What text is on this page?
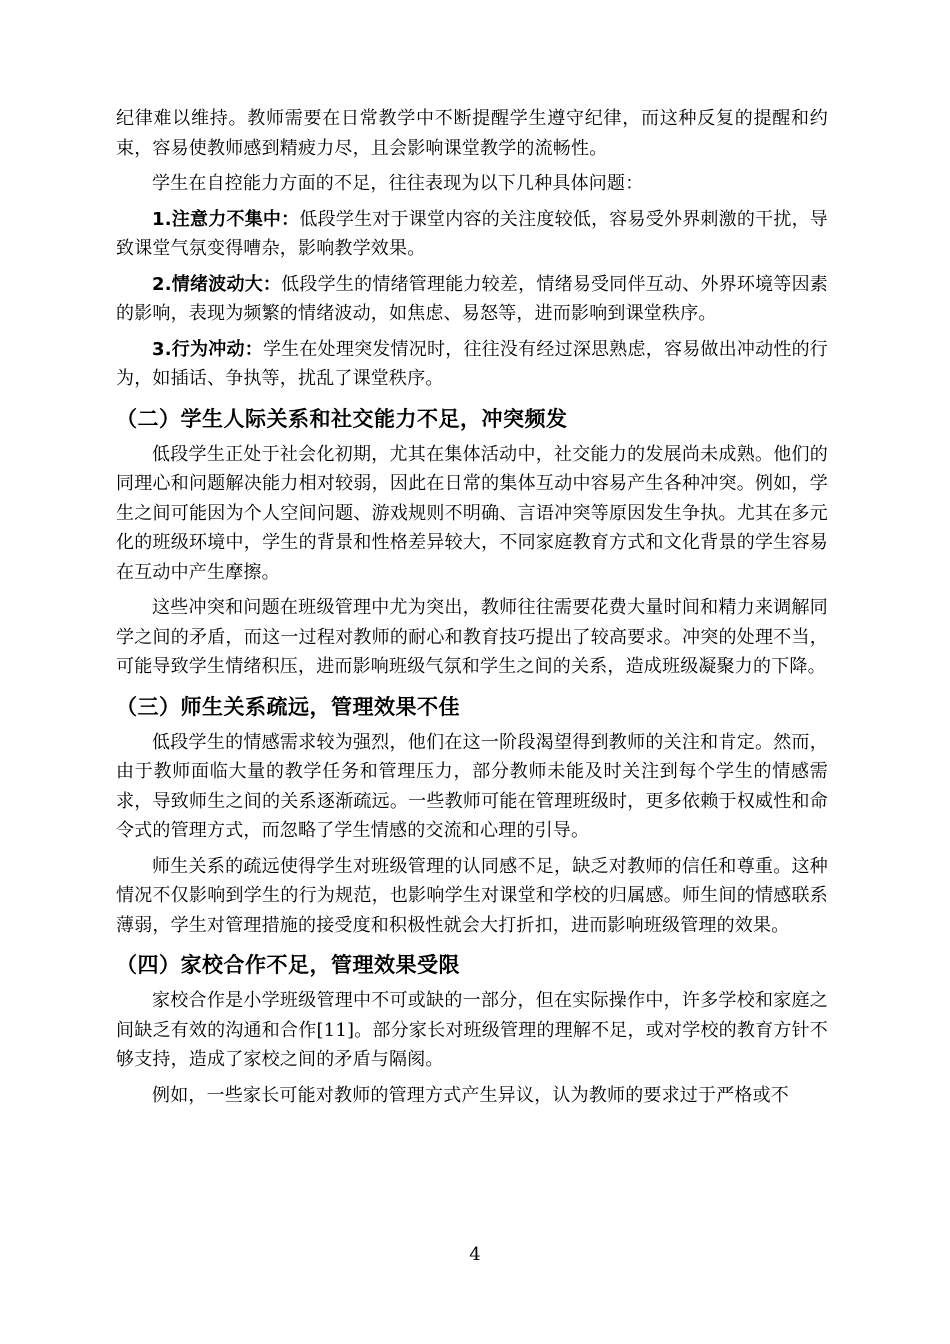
纪律难以维持。教师需要在日常教学中不断提醒学生遵守纪律，而这种反复的提醒和约束，容易使教师感到精疲力尽，且会影响课堂教学的流畅性。

学生在自控能力方面的不足，往往表现为以下几种具体问题：

1.注意力不集中：低段学生对于课堂内容的关注度较低，容易受外界刺激的干扰，导致课堂气氛变得嘈杂，影响教学效果。

2.情绪波动大：低段学生的情绪管理能力较差，情绪易受同伴互动、外界环境等因素的影响，表现为频繁的情绪波动，如焦虑、易怒等，进而影响到课堂秩序。

3.行为冲动：学生在处理突发情况时，往往没有经过深思熟虑，容易做出冲动性的行为，如插话、争执等，扰乱了课堂秩序。

（二）学生人际关系和社交能力不足，冲突频发

低段学生正处于社会化初期，尤其在集体活动中，社交能力的发展尚未成熟。他们的同理心和问题解决能力相对较弱，因此在日常的集体互动中容易产生各种冲突。例如，学生之间可能因为个人空间问题、游戏规则不明确、言语冲突等原因发生争执。尤其在多元化的班级环境中，学生的背景和性格差异较大，不同家庭教育方式和文化背景的学生容易在互动中产生摩擦。

这些冲突和问题在班级管理中尤为突出，教师往往需要花费大量时间和精力来调解同学之间的矛盾，而这一过程对教师的耐心和教育技巧提出了较高要求。冲突的处理不当，可能导致学生情绪积压，进而影响班级气氛和学生之间的关系，造成班级凝聚力的下降。

（三）师生关系疏远，管理效果不佳

低段学生的情感需求较为强烈，他们在这一阶段渴望得到教师的关注和肯定。然而，由于教师面临大量的教学任务和管理压力，部分教师未能及时关注到每个学生的情感需求，导致师生之间的关系逐渐疏远。一些教师可能在管理班级时，更多依赖于权威性和命令式的管理方式，而忽略了学生情感的交流和心理的引导。

师生关系的疏远使得学生对班级管理的认同感不足，缺乏对教师的信任和尊重。这种情况不仅影响到学生的行为规范，也影响学生对课堂和学校的归属感。师生间的情感联系薄弱，学生对管理措施的接受度和积极性就会大打折扣，进而影响班级管理的效果。

（四）家校合作不足，管理效果受限

家校合作是小学班级管理中不可或缺的一部分，但在实际操作中，许多学校和家庭之间缺乏有效的沟通和合作[11]。部分家长对班级管理的理解不足，或对学校的教育方针不够支持，造成了家校之间的矛盾与隔阂。

例如，一些家长可能对教师的管理方式产生异议，认为教师的要求过于严格或不

4
